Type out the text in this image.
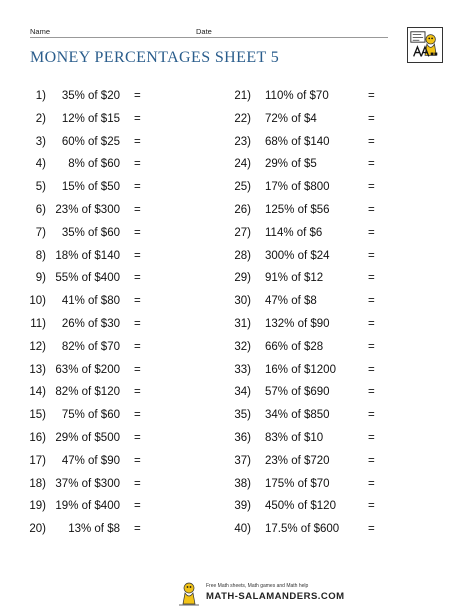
Name	Date
MONEY PERCENTAGES SHEET 5
1)	35% of $20 =
2)	12% of $15 =
3)	60% of $25 =
4)	8% of $60 =
5)	15% of $50 =
6) 23% of $300 =
7)	35% of $60 =
8) 18% of $140 =
9) 55% of $400 =
10)	41% of $80 =
11)	26% of $30 =
12)	82% of $70 =
13) 63% of $200 =
14) 82% of $120 =
15)	75% of $60 =
16) 29% of $500 =
17)	47% of $90 =
18) 37% of $300 =
19) 19% of $400 =
20)	13% of $8 =
21) 110% of $70	=
22) 72% of $4	=
23) 68% of $140	=
24) 29% of $5	=
25) 17% of $800	=
26) 125% of $56	=
27) 114% of $6	=
28) 300% of $24	=
29) 91% of $12	=
30) 47% of $8	=
31) 132% of $90	=
32) 66% of $28	=
33) 16% of $1200	=
34) 57% of $690	=
35) 34% of $850	=
36) 83% of $10	=
37) 23% of $720	=
38) 175% of $70	=
39) 450% of $120	=
40) 17.5% of $600	=
Free Math sheets, Math games and Math help
MATH-SALAMANDERS.COM
